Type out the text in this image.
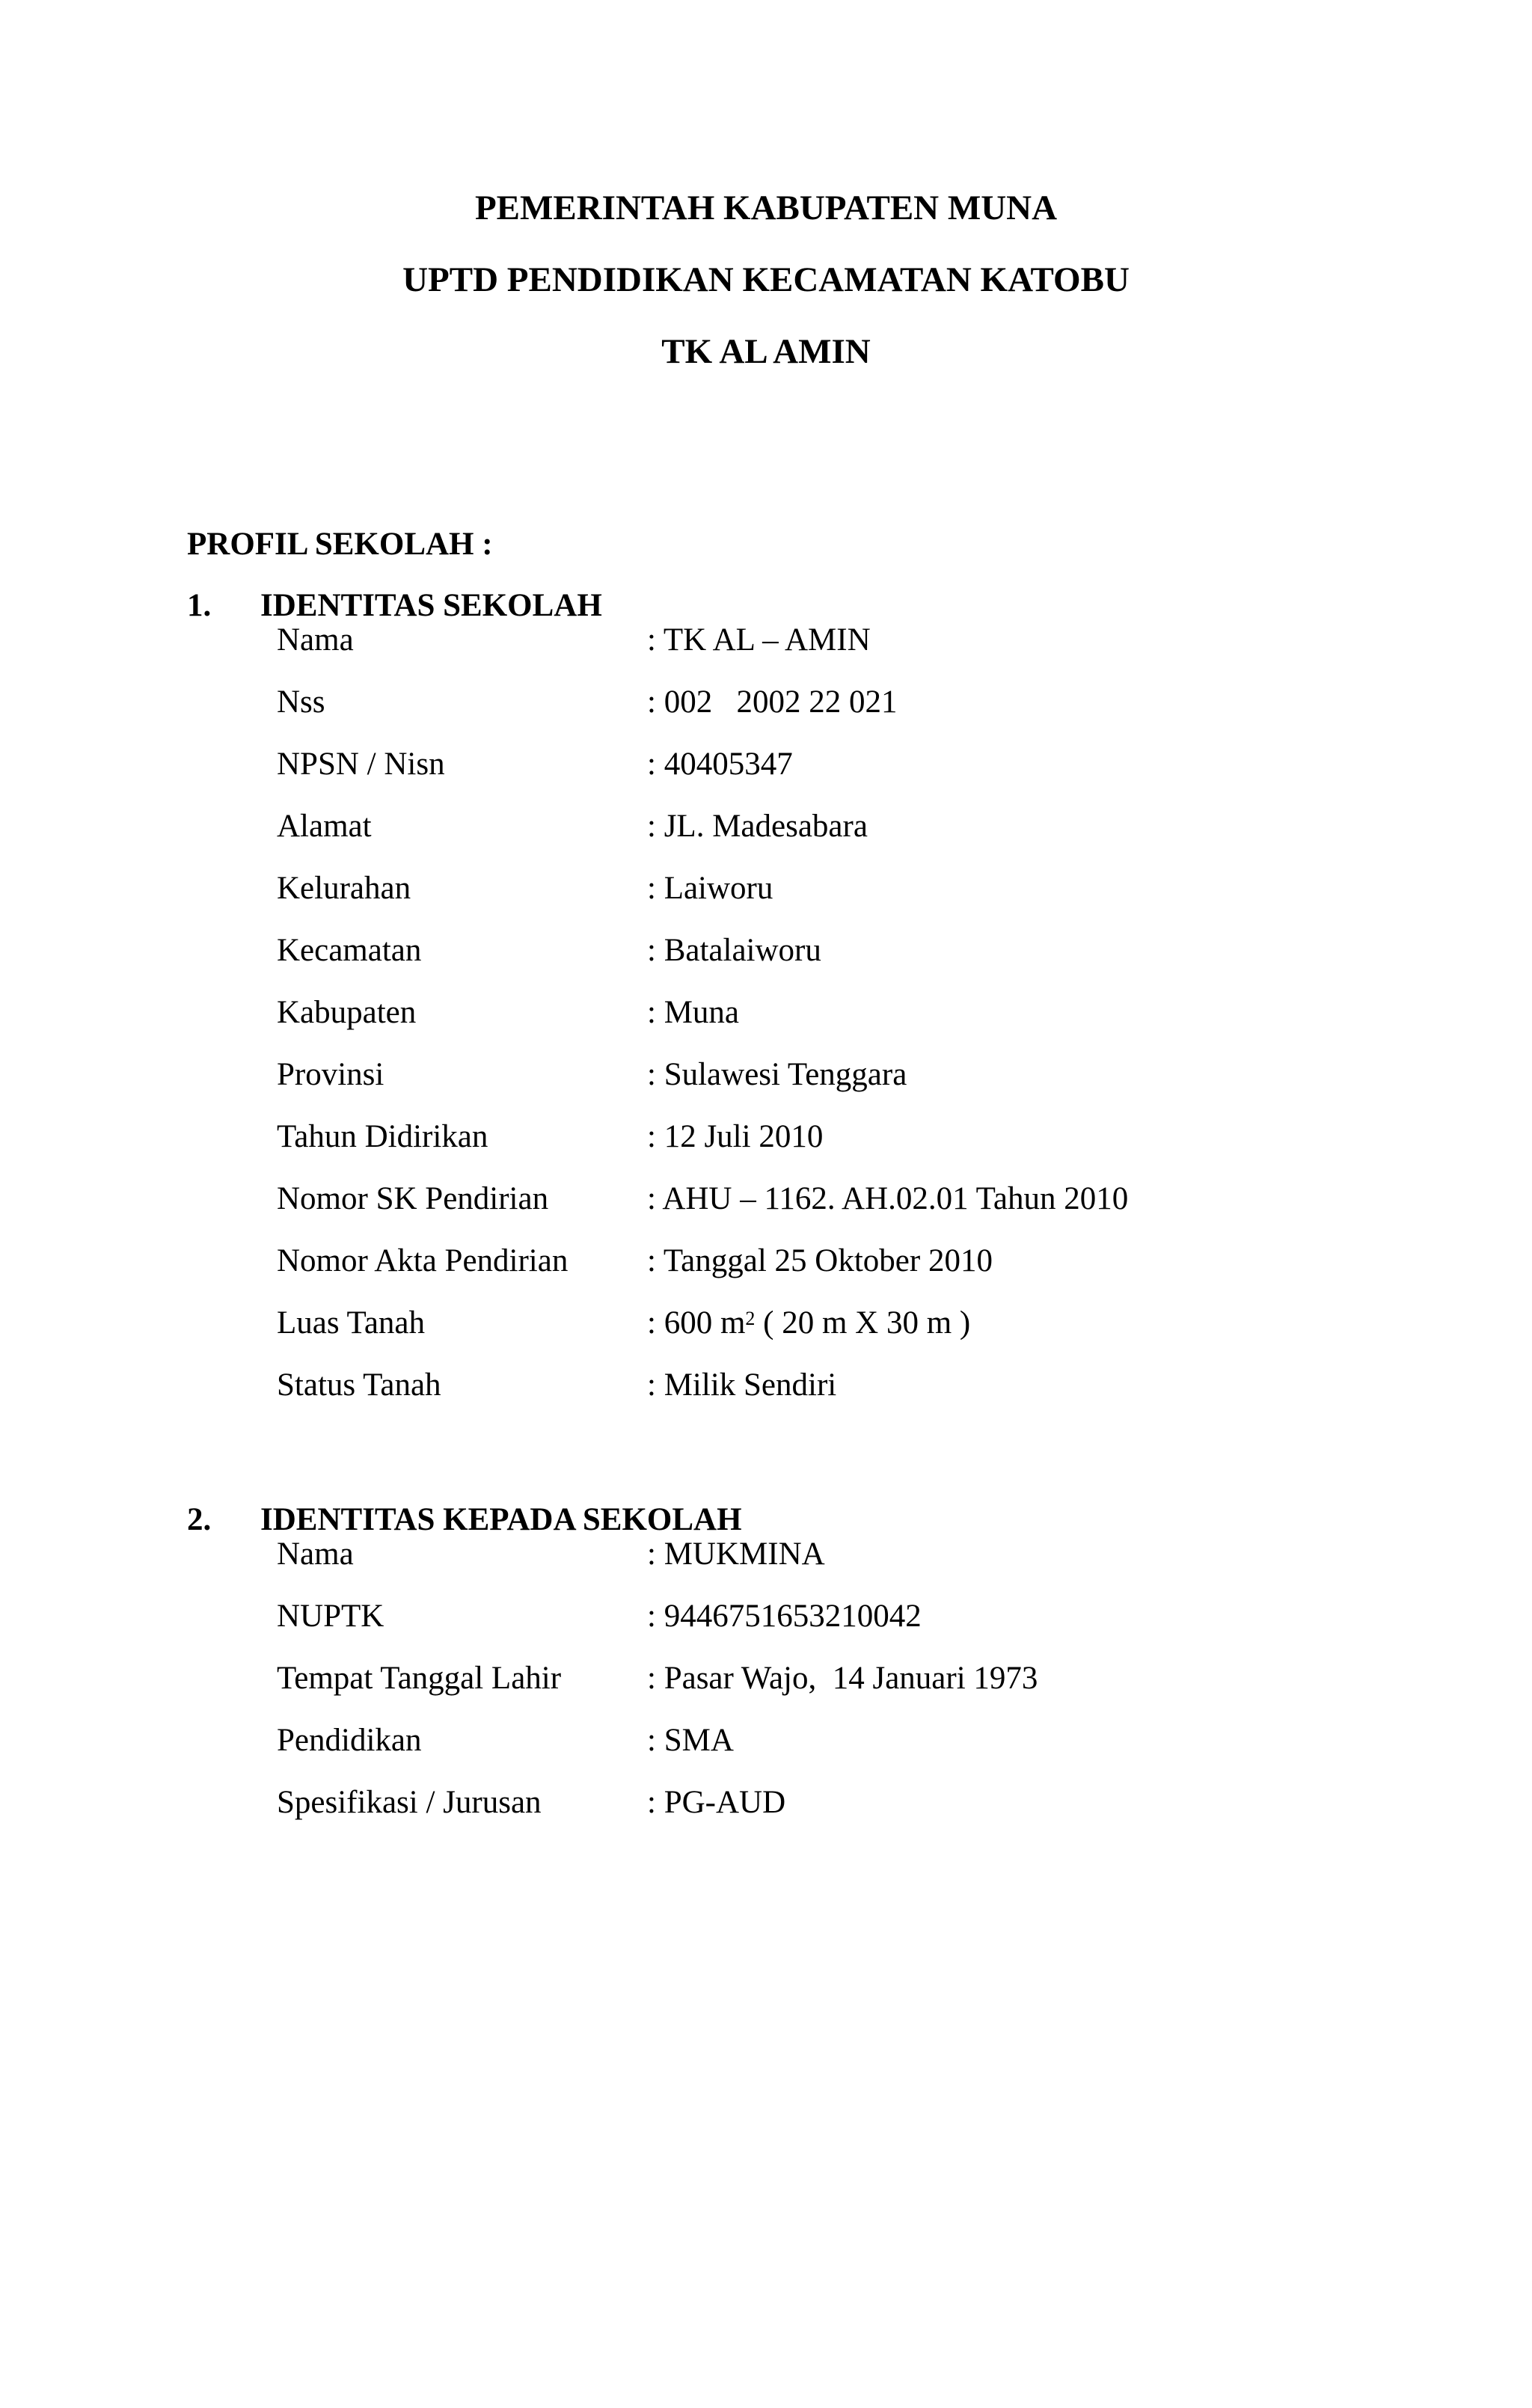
PEMERINTAH KABUPATEN MUNA
UPTD PENDIDIKAN KECAMATAN KATOBU
TK AL AMIN
PROFIL SEKOLAH :
1. IDENTITAS SEKOLAH
Nama	: TK AL – AMIN
Nss	: 002   2002 22 021
NPSN / Nisn	: 40405347
Alamat	: JL. Madesabara
Kelurahan	: Laiworu
Kecamatan	: Batalaiworu
Kabupaten	: Muna
Provinsi	: Sulawesi Tenggara
Tahun Didirikan	: 12 Juli 2010
Nomor SK Pendirian	: AHU – 1162. AH.02.01 Tahun 2010
Nomor Akta Pendirian : Tanggal 25 Oktober 2010
Luas Tanah	: 600 $m^2$ ( 20 m X 30 m )
Status Tanah	: Milik Sendiri
2. IDENTITAS KEPADA SEKOLAH
Nama	: MUKMINA
NUPTK	: 9446751653210042
Tempat Tanggal Lahir	: Pasar Wajo,  14 Januari 1973
Pendidikan	: SMA
Spesifikasi / Jurusan	: PG-AUD
